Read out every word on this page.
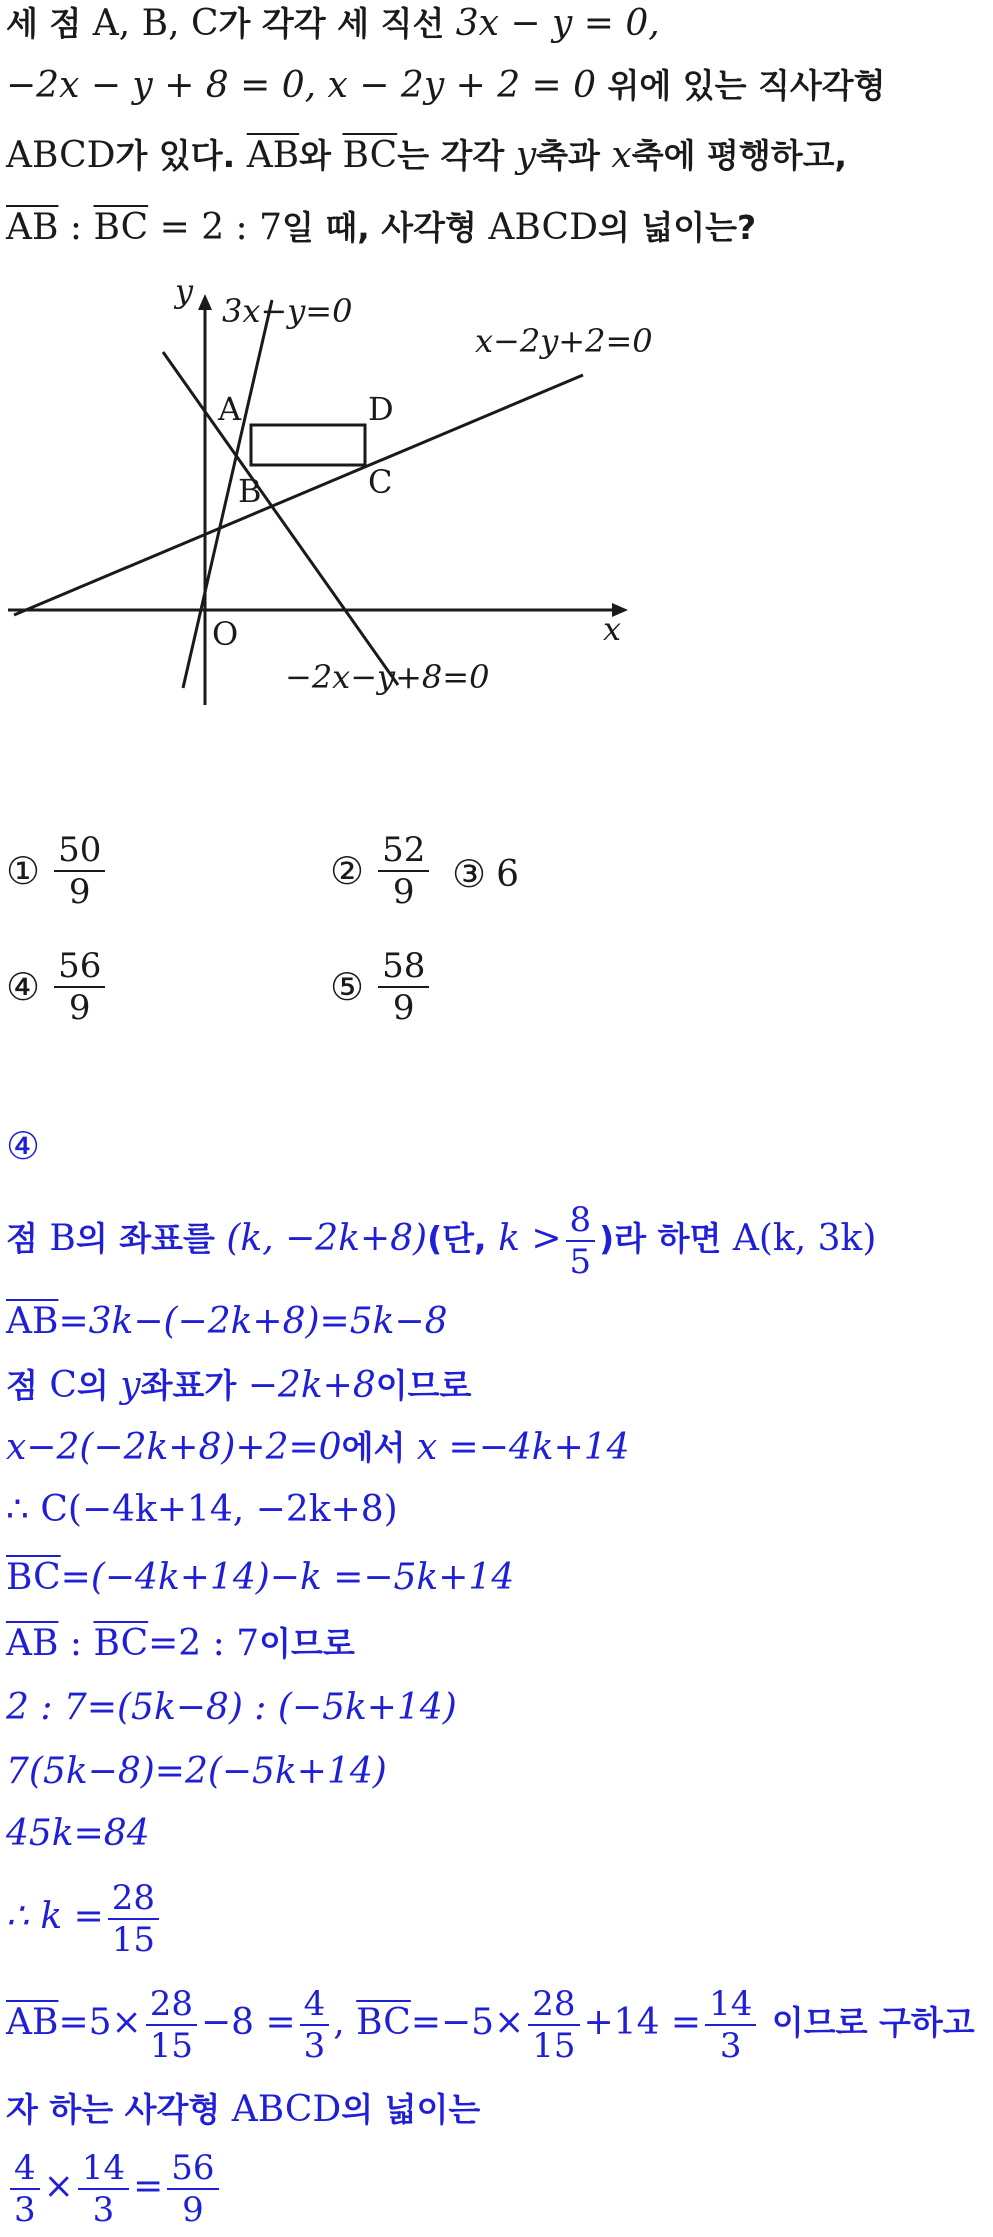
세 점 A, B, C가 각각 세 직선 3x − y = 0,
−2x − y + 8 = 0, x − 2y + 2 = 0 위에 있는 직사각형
ABCD가 있다. $\overline{AB}$와 $\overline{BC}$는 각각 y축과 x축에 평행하고,
$\overline{AB}$ : $\overline{BC} = 2$ : 7일 때, 사각형 ABCD의 넓이는?
y
x
O
3x−y=0
x−2y+2=0
−2x−y+8=0
A
B	C
D
① $\frac{50}{9}$	② $\frac{52}{9}$ ③ 6
④ $\frac{56}{9}$	⑤ $\frac{58}{9}$
④
점 B의 좌표를 (k, −2k+8)(단, $k > \frac{8}{5}$ )라 하면 A(k, 3k)
$\overline{AB}=3k-(-2k+8)=5k-8$
점 C의 y좌표가 −2k+8이므로
x−2(−2k+8)+2=0에서 x =−4k+14
∴ C(−4k+14, −2k+8)
$\overline{BC}=(-4k+14)-k =-5k+14$
$\overline{AB}$ : $\overline{BC}=2$ : 7이므로
2 : 7=(5k−8) : (−5k+14)
7(5k−8)=2(−5k+14)
45k=84
∴ $k = \frac{28}{15}$
$\overline{AB}=5\times \frac{28}{15} -8 = \frac{4}{3}$ , $\overline{BC}=-5\times \frac{28}{15} +14 = \frac{14}{3}$ 이므로 구하고
자 하는 사각형 ABCD의 넓이는
$\frac{4}{3} \times \frac{14}{3} = \frac{56}{9}$
